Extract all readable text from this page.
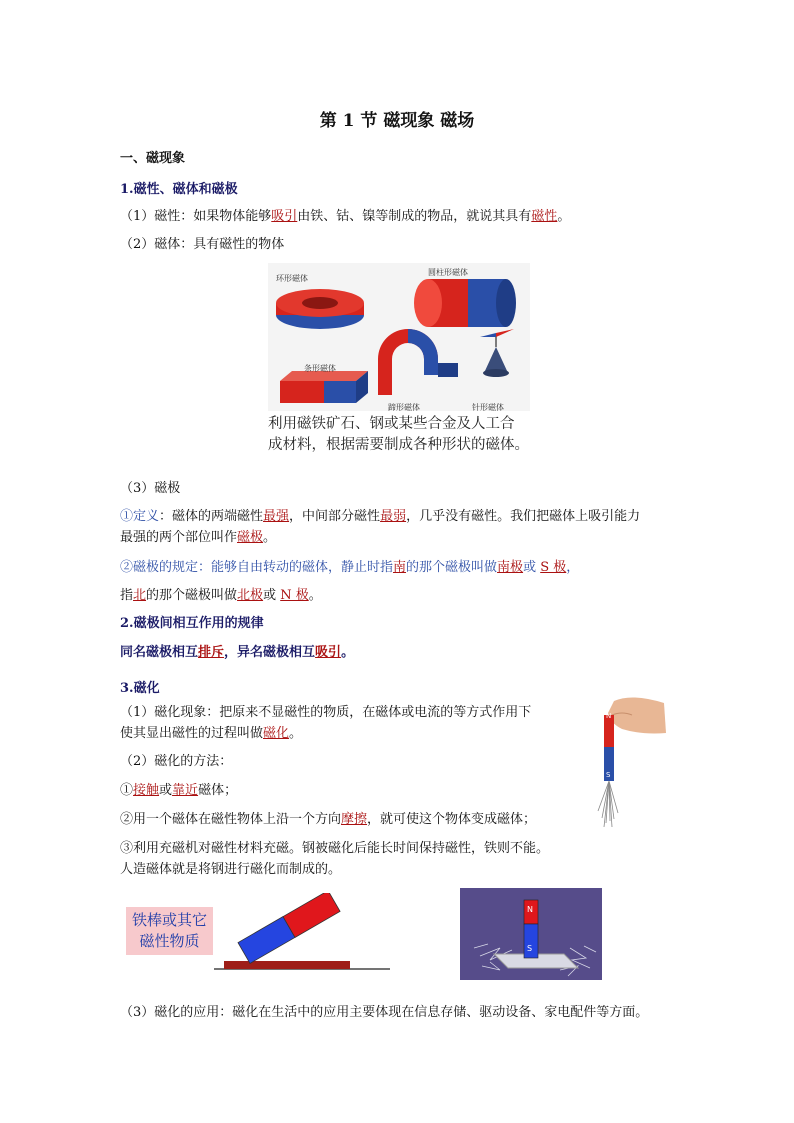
第 1 节 磁现象 磁场
一、磁现象
1.磁性、磁体和磁极
（1）磁性：如果物体能够吸引由铁、钴、镍等制成的物品，就说其具有磁性。
（2）磁体：具有磁性的物体
环形磁体
圆柱形磁体
条形磁体
蹄形磁体	针形磁体
利用磁铁矿石、钢或某些合金及人工合
成材料，根据需要制成各种形状的磁体。
（3）磁极
①定义：磁体的两端磁性最强，中间部分磁性最弱，几乎没有磁性。我们把磁体上吸引能力
最强的两个部位叫作磁极。
②磁极的规定：能够自由转动的磁体，静止时指南的那个磁极叫做南极或 S 极，
指北的那个磁极叫做北极或 N 极。
2.磁极间相互作用的规律
同名磁极相互排斥，异名磁极相互吸引。
3.磁化
（1）磁化现象：把原来不显磁性的物质，在磁体或电流的等方式作用下
使其显出磁性的过程叫做磁化。
（2）磁化的方法：
①接触或靠近磁体；
②用一个磁体在磁性物体上沿一个方向摩擦，就可使这个物体变成磁体；
③利用充磁机对磁性材料充磁。钢被磁化后能长时间保持磁性，铁则不能。
人造磁体就是将钢进行磁化而制成的。
N
S
铁棒或其它
磁性物质
N
S
（3）磁化的应用：磁化在生活中的应用主要体现在信息存储、驱动设备、家电配件等方面。
